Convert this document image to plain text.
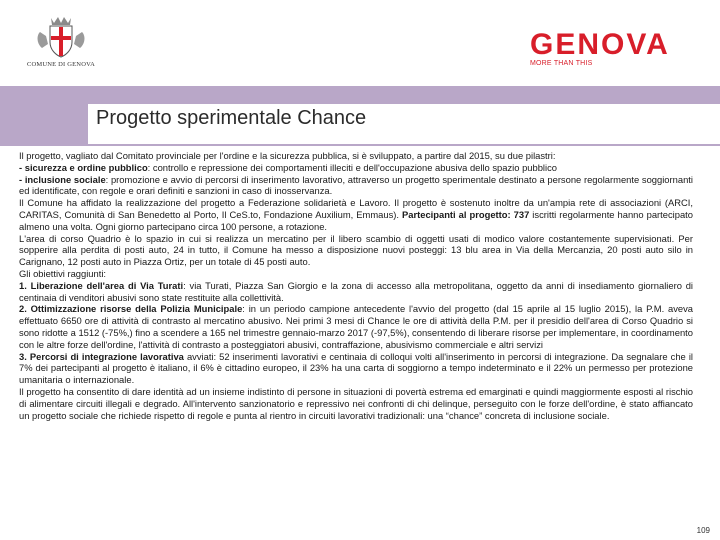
COMUNE DI GENOVA
GENOVA
MORE THAN THIS
Progetto sperimentale Chance

Il progetto, vagliato dal Comitato provinciale per l'ordine e la sicurezza pubblica, si è sviluppato, a partire dal 2015, su due pilastri:

- sicurezza e ordine pubblico: controllo e repressione dei comportamenti illeciti e dell'occupazione abusiva dello spazio pubblico

- inclusione sociale: promozione e avvio di percorsi di inserimento lavorativo, attraverso un progetto sperimentale destinato a persone regolarmente soggiornanti ed identificate, con regole e orari definiti e sanzioni in caso di inosservanza.

Il Comune ha affidato la realizzazione del progetto a Federazione solidarietà e Lavoro. Il progetto è sostenuto inoltre da un'ampia rete di associazioni (ARCI, CARITAS, Comunità di San Benedetto al Porto, Il CeS.to, Fondazione Auxilium, Emmaus). Partecipanti al progetto: 737 iscritti regolarmente hanno partecipato almeno una volta. Ogni giorno partecipano circa 100 persone, a rotazione.

L'area di corso Quadrio è lo spazio in cui si realizza un mercatino per il libero scambio di oggetti usati di modico valore costantemente supervisionati. Per sopperire alla perdita di posti auto, 24 in tutto, il Comune ha messo a disposizione nuovi posteggi: 13 blu area in Via della Mercanzia, 20 posti auto silo in Carignano, 12 posti auto in Piazza Ortiz, per un totale di 45 posti auto.

Gli obiettivi raggiunti:

1. Liberazione dell'area di Via Turati: via Turati, Piazza San Giorgio e la zona di accesso alla metropolitana, oggetto da anni di insediamento giornaliero di centinaia di venditori abusivi sono state restituite alla collettività.

2. Ottimizzazione risorse della Polizia Municipale: in un periodo campione antecedente l'avvio del progetto (dal 15 aprile al 15 luglio 2015), la P.M. aveva effettuato 6650 ore di attività di contrasto al mercatino abusivo. Nei primi 3 mesi di Chance le ore di attività della P.M. per il presidio dell'area di Corso Quadrio si sono ridotte a 1512 (-75%,) fino a scendere a 165 nel trimestre gennaio-marzo 2017 (-97,5%), consentendo di liberare risorse per implementare, in coordinamento con le altre forze dell'ordine, l'attività di contrasto a posteggiatori abusivi, contraffazione, abusivismo commerciale e altri servizi

3. Percorsi di integrazione lavorativa avviati: 52 inserimenti lavorativi e centinaia di colloqui volti all'inserimento in percorsi di integrazione. Da segnalare che il 7% dei partecipanti al progetto è italiano, il 6% è cittadino europeo, il 23% ha una carta di soggiorno a tempo indeterminato e il 22% un permesso per protezione umanitaria o internazionale.

Il progetto ha consentito di dare identità ad un insieme indistinto di persone in situazioni di povertà estrema ed emarginati e quindi maggiormente esposti al rischio di alimentare circuiti illegali e degrado. All'intervento sanzionatorio e repressivo nei confronti di chi delinque, perseguito con le forze dell'ordine, è stato affiancato un progetto sociale che richiede rispetto di regole e punta al rientro in circuiti lavorativi tradizionali: una “chance” concreta di inclusione sociale.

109
